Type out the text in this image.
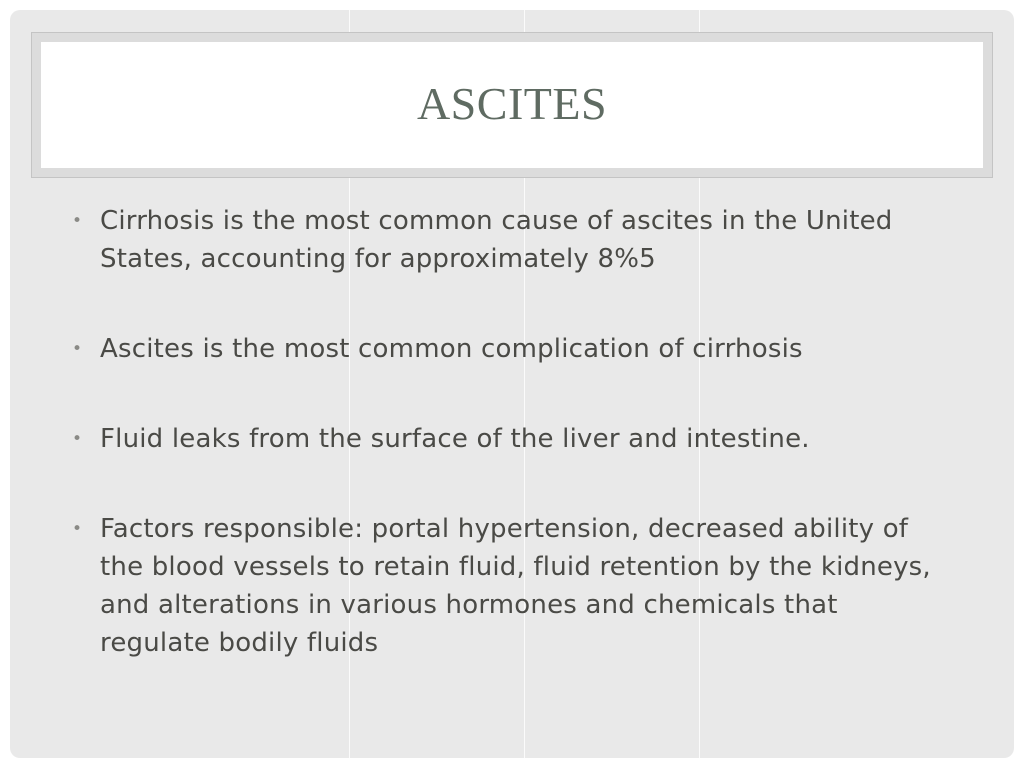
ASCITES
• Cirrhosis is the most common cause of ascites in the United States, accounting for approximately 8%5
• Ascites is the most common complication of cirrhosis
• Fluid leaks from the surface of the liver and intestine.
• Factors responsible: portal hypertension, decreased ability of the blood vessels to retain fluid, fluid retention by the kidneys, and alterations in various hormones and chemicals that regulate bodily fluids
